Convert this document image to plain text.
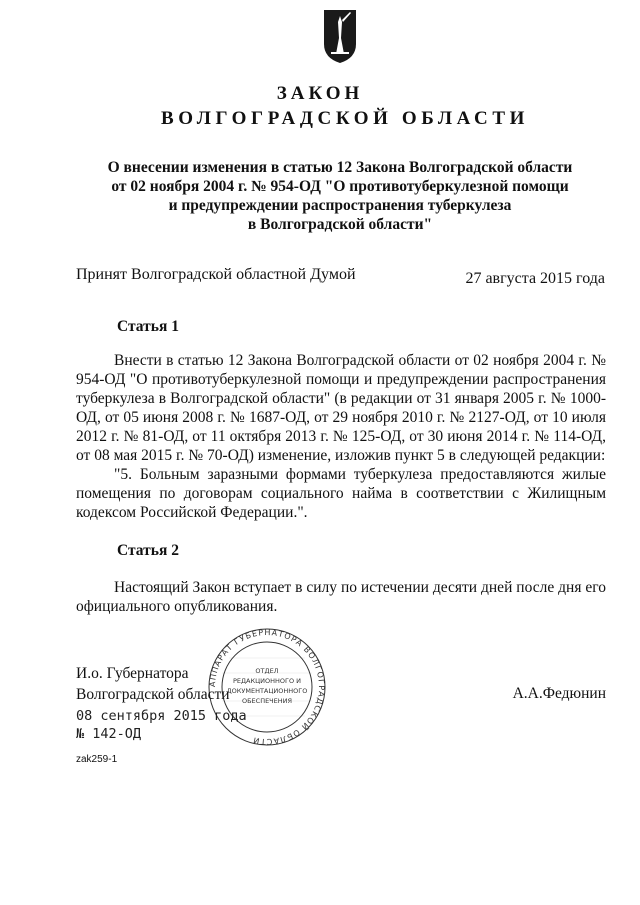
ЗАКОН
ВОЛГОГРАДСКОЙ ОБЛАСТИ
О внесении изменения в статью 12 Закона Волгоградской области
от 02 ноября 2004 г. № 954-ОД "О противотуберкулезной помощи
и предупреждении распространения туберкулеза
в Волгоградской области"
Принят Волгоградской областной Думой	27 августа 2015 года
Статья 1

Внести в статью 12 Закона Волгоградской области от 02 ноября 2004 г. № 954-ОД "О противотуберкулезной помощи и предупреждении распространения туберкулеза в Волгоградской области" (в редакции от 31 января 2005 г. № 1000-ОД, от 05 июня 2008 г. № 1687-ОД, от 29 ноября 2010 г. № 2127-ОД, от 10 июля 2012 г. № 81-ОД, от 11 октября 2013 г. № 125-ОД, от 30 июня 2014 г. № 114-ОД, от 08 мая 2015 г. № 70-ОД) изменение, изложив пункт 5 в следующей редакции:

"5. Больным заразными формами туберкулеза предоставляются жилые помещения по договорам социального найма в соответствии с Жилищным кодексом Российской Федерации.".

Статья 2

Настоящий Закон вступает в силу по истечении десяти дней после дня его официального опубликования.

АППАРАТ ГУБЕРНАТОРА ВОЛГОГРАДСКОЙ ОБЛАСТИ
ОТДЕЛ
РЕДАКЦИОННОГО И
ДОКУМЕНТАЦИОННОГО
ОБЕСПЕЧЕНИЯ
И.о. Губернатора
Волгоградской области	А.А.Федюнин
08 сентября 2015 года
№ 142-ОД
zak259-1
